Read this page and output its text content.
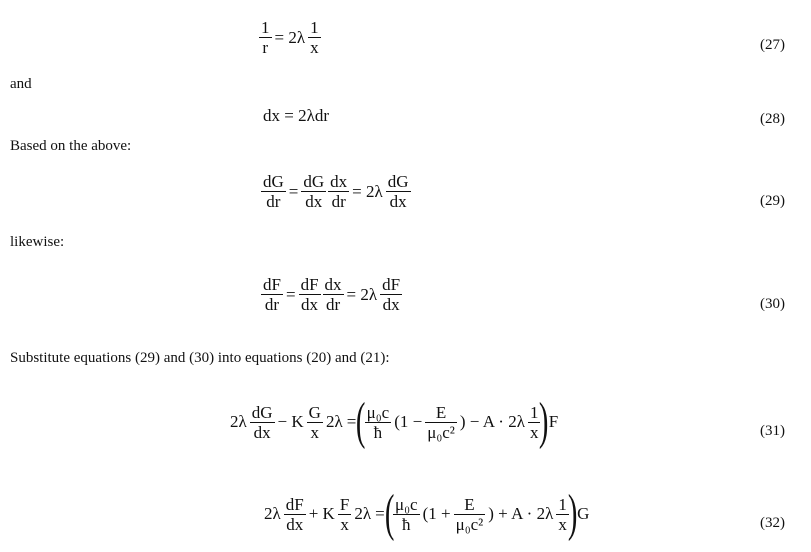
$\frac{1}{r} = 2\lambda \frac{1}{x}$	(27)
and
dx = 2λdr	(28)
Based on the above:
$\frac{dG}{dr} = \frac{dG}{dx} \frac{dx}{dr} = 2\lambda \frac{dG}{dx}$	(29)
likewise:
$\frac{dF}{dr} = \frac{dF}{dx} \frac{dx}{dr} = 2\lambda \frac{dF}{dx}$	(30)
Substitute equations (29) and (30) into equations (20) and (21):
$2\lambda \frac{dG}{dx} - K \frac{G}{x} 2\lambda$ =(
$\frac{\text{μ₀c}}{ħ} (1 - \frac{E}{\text{μ₀c²}}$ ) − $A \cdot 2\lambda \frac{1}{x}$
)F	(31)
$2\lambda \frac{dF}{dx} + K \frac{F}{x} 2\lambda$ =(
$\frac{\text{μ₀c}}{ħ} (1 + \frac{E}{\text{μ₀c²}}$ ) + $A \cdot 2\lambda \frac{1}{x}$
)G	(32)
